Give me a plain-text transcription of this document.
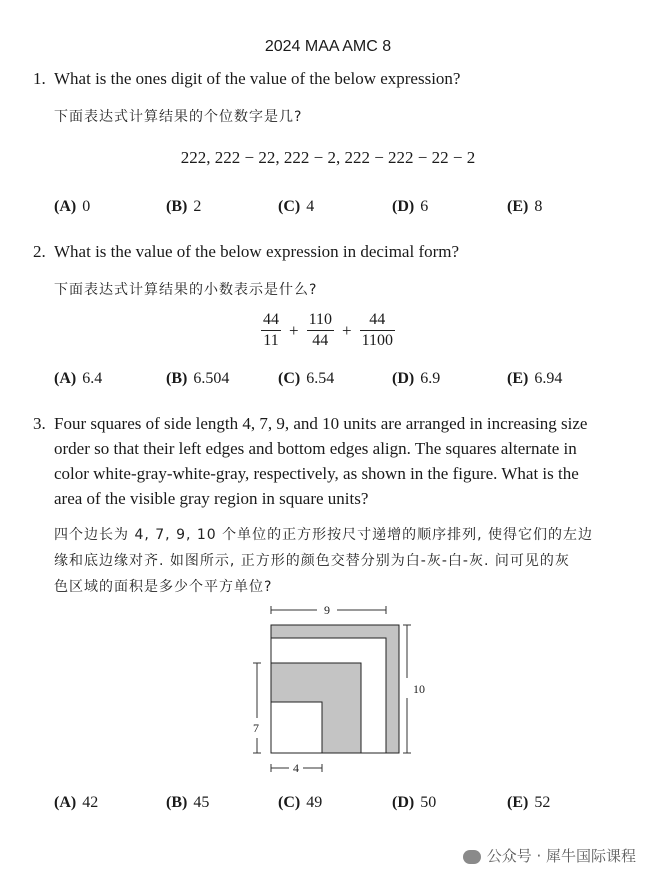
2024 MAA AMC 8
1. What is the ones digit of the value of the below expression?
下面表达式计算结果的个位数字是几?
222, 222 − 22, 222 − 2, 222 − 222 − 22 − 2
(A) 0	(B) 2	(C) 4	(D) 6	(E) 8
2. What is the value of the below expression in decimal form?
下面表达式计算结果的小数表示是什么?
$\frac{44}{11} + \frac{110}{44} + \frac{44}{1100}$
(A) 6.4	(B) 6.504	(C) 6.54	(D) 6.9	(E) 6.94
3. Four squares of side length 4, 7, 9, and 10 units are arranged in increasing size
order so that their left edges and bottom edges align. The squares alternate in
color white-gray-white-gray, respectively, as shown in the figure. What is the
area of the visible gray region in square units?
四个边长为 4, 7, 9, 10 个单位的正方形按尺寸递增的顺序排列, 使得它们的左边
缘和底边缘对齐. 如图所示, 正方形的颜色交替分别为白-灰-白-灰. 问可见的灰
色区域的面积是多少个平方单位?
9
10
7
4
(A) 42	(B) 45	(C) 49	(D) 50	(E) 52
公众号 · 犀牛国际课程
